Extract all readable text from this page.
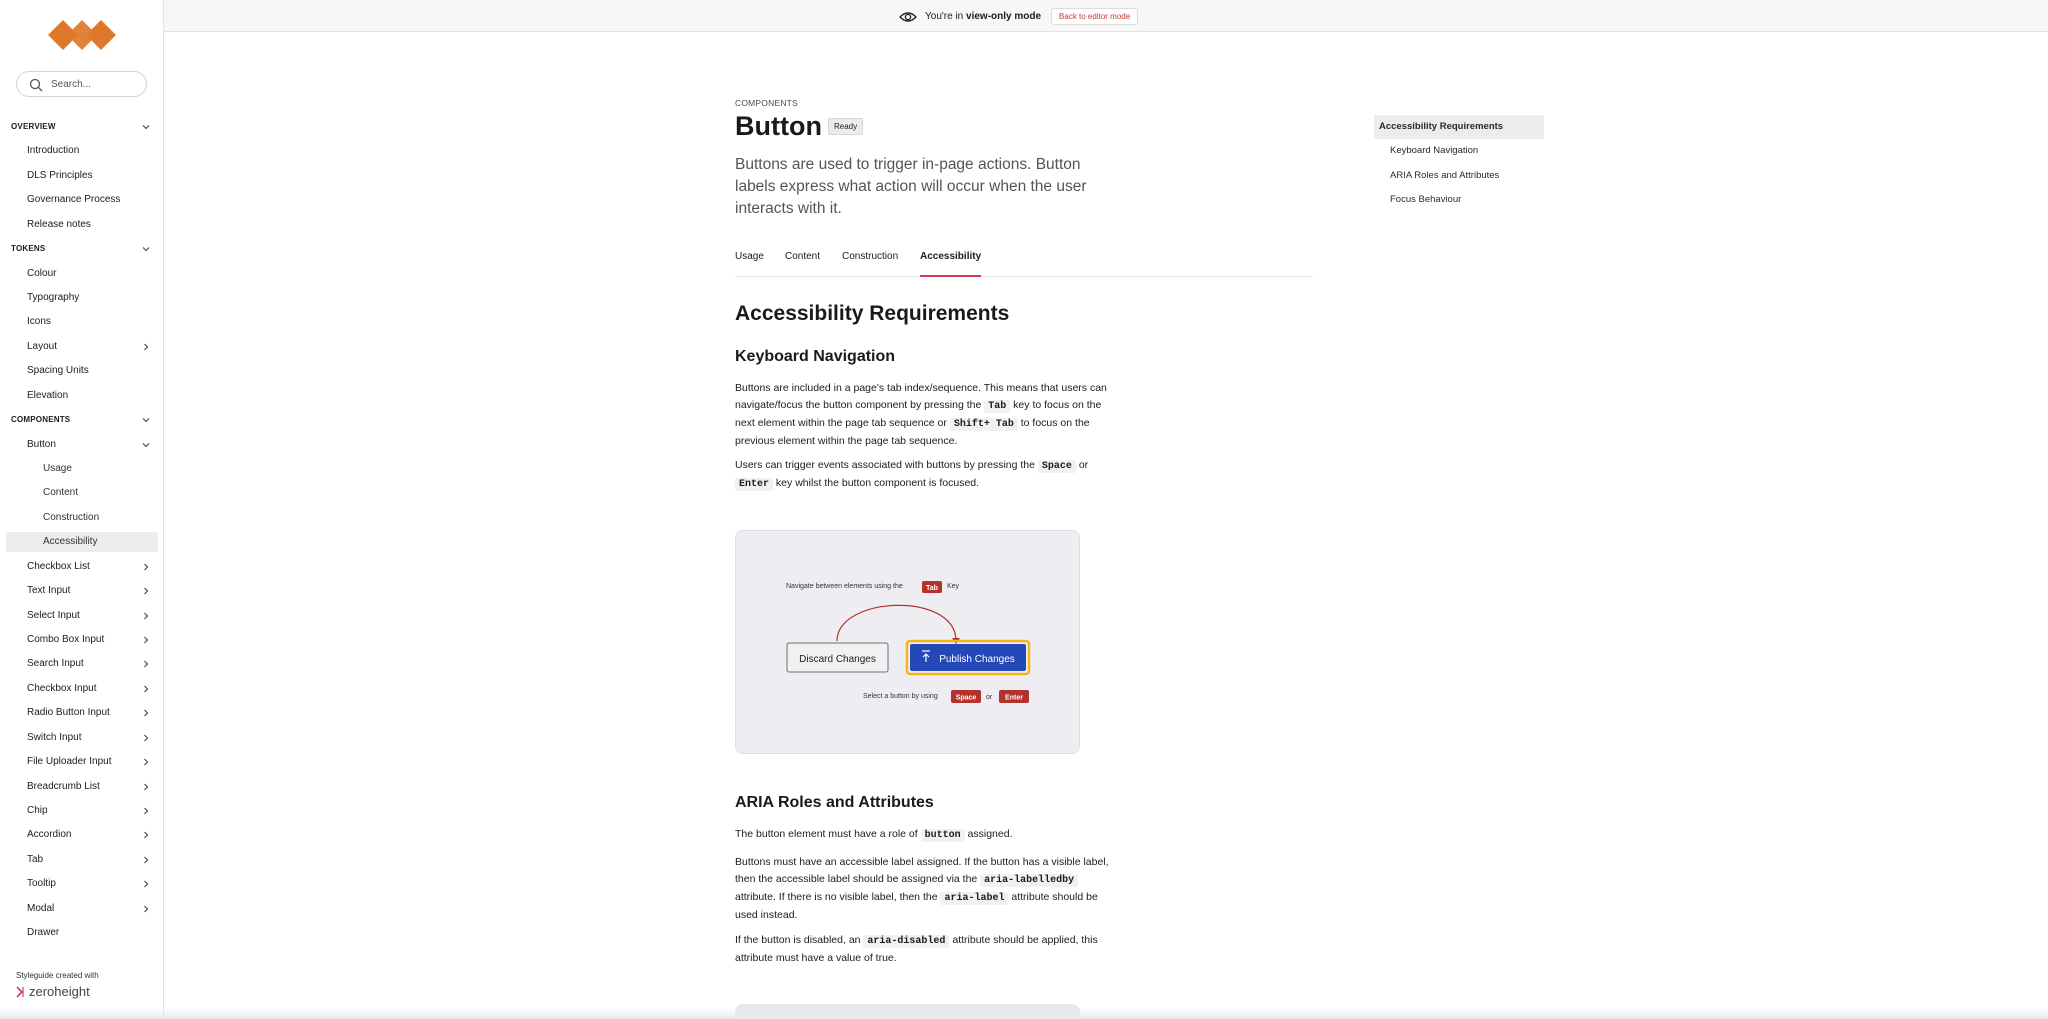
Search...
OVERVIEW
Introduction
DLS Principles
Governance Process
Release notes
TOKENS
Colour
Typography
Icons
Layout
Spacing Units
Elevation
COMPONENTS
Button
Usage
Content
Construction
Accessibility
Checkbox List
Text Input
Select Input
Combo Box Input
Search Input
Checkbox Input
Radio Button Input
Switch Input
File Uploader Input
Breadcrumb List
Chip
Accordion
Tab
Tooltip
Modal
Drawer
Styleguide created with
zeroheight
You're in view-only mode	Back to editor mode
COMPONENTS
Button	Ready

Buttons are used to trigger in-page actions. Button labels express what action will occur when the user interacts with it.

Usage Content Construction Accessibility
Accessibility Requirements
Keyboard Navigation

Buttons are included in a page's tab index/sequence. This means that users can navigate/focus the button component by pressing the Tab key to focus on the next element within the page tab sequence or Shift+ Tab to focus on the previous element within the page tab sequence.

Users can trigger events associated with buttons by pressing the Space or Enter key whilst the button component is focused.

Navigate between elements using the	Tab Key
Discard Changes	Publish Changes
Select a button by using	Space or Enter
ARIA Roles and Attributes

The button element must have a role of button assigned.

Buttons must have an accessible label assigned. If the button has a visible label, then the accessible label should be assigned via the aria-labelledby attribute. If there is no visible label, then the aria-label attribute should be used instead.

If the button is disabled, an aria-disabled attribute should be applied, this attribute must have a value of true.

Accessibility Requirements
Keyboard Navigation
ARIA Roles and Attributes
Focus Behaviour
